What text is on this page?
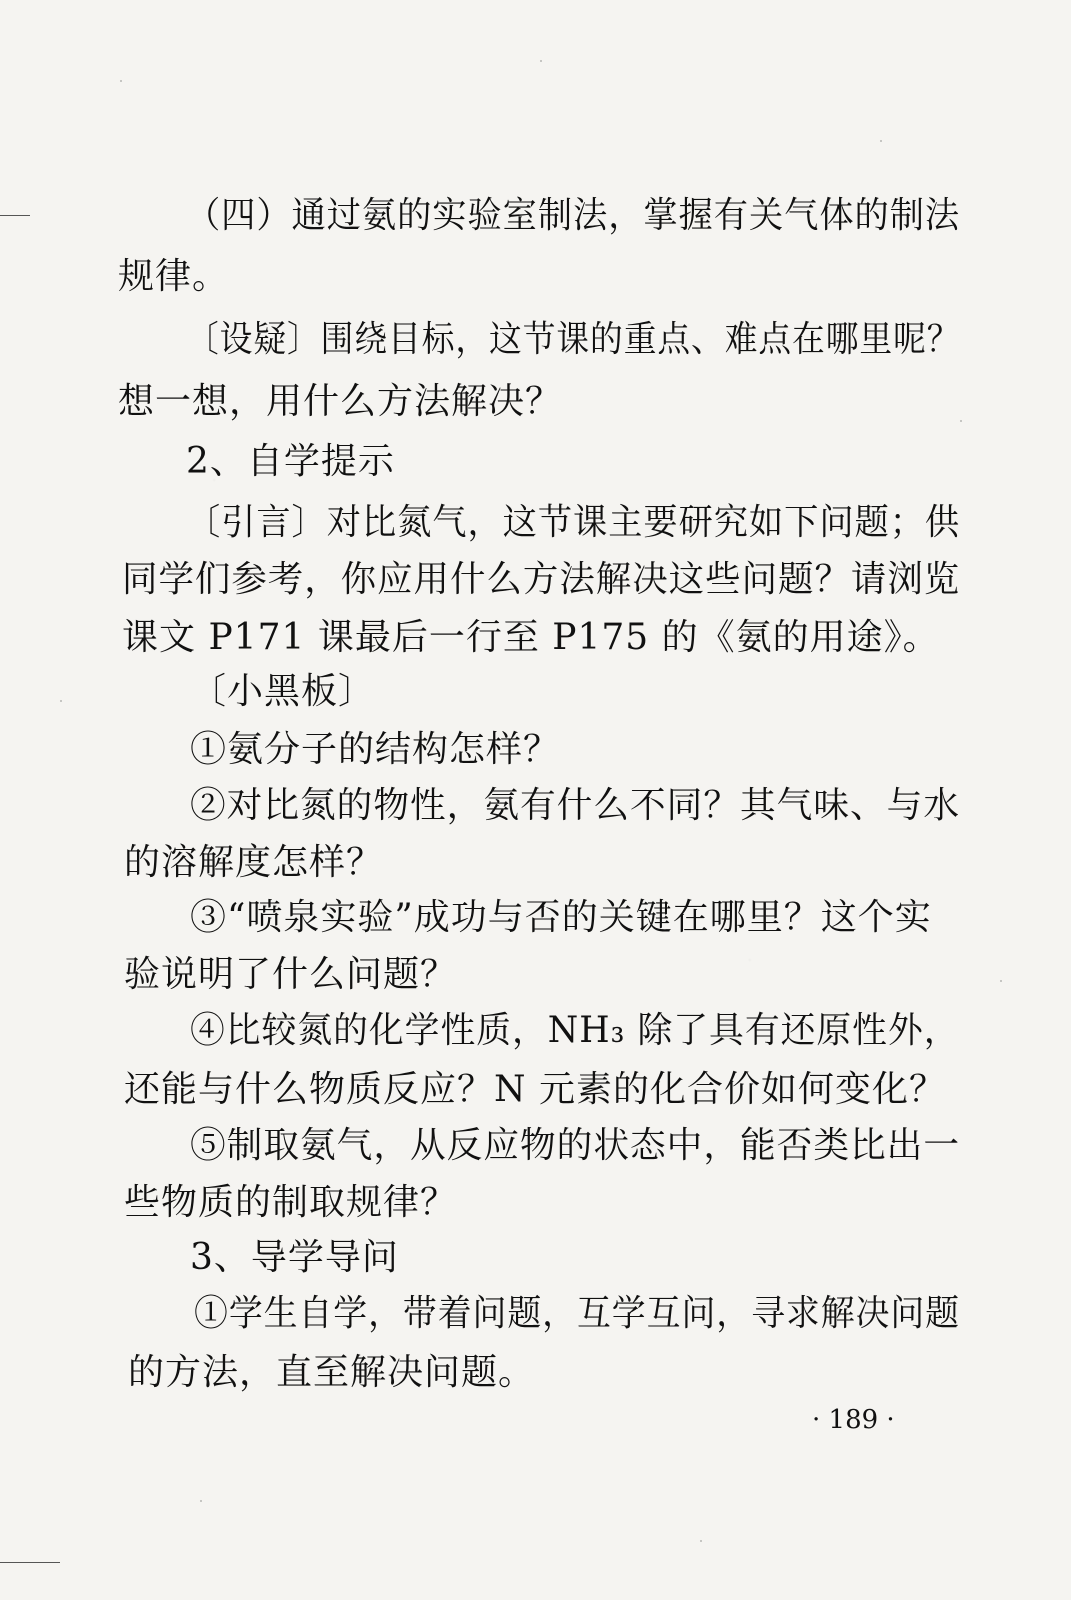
（四）通过氨的实验室制法，掌握有关气体的制法
规律。
〔设疑〕围绕目标，这节课的重点、难点在哪里呢？
想一想，用什么方法解决？
2、自学提示
〔引言〕对比氮气，这节课主要研究如下问题；供
同学们参考，你应用什么方法解决这些问题？请浏览
课文 P171 课最后一行至 P175 的《氨的用途》。
〔小黑板〕
①氨分子的结构怎样？
②对比氮的物性，氨有什么不同？其气味、与水
的溶解度怎样？
③“喷泉实验”成功与否的关键在哪里？这个实
验说明了什么问题？
④比较氮的化学性质，NH₃ 除了具有还原性外，
还能与什么物质反应？N 元素的化合价如何变化？
⑤制取氨气，从反应物的状态中，能否类比出一
些物质的制取规律？
3、导学导问
①学生自学，带着问题，互学互问，寻求解决问题
的方法，直至解决问题。
· 189 ·
